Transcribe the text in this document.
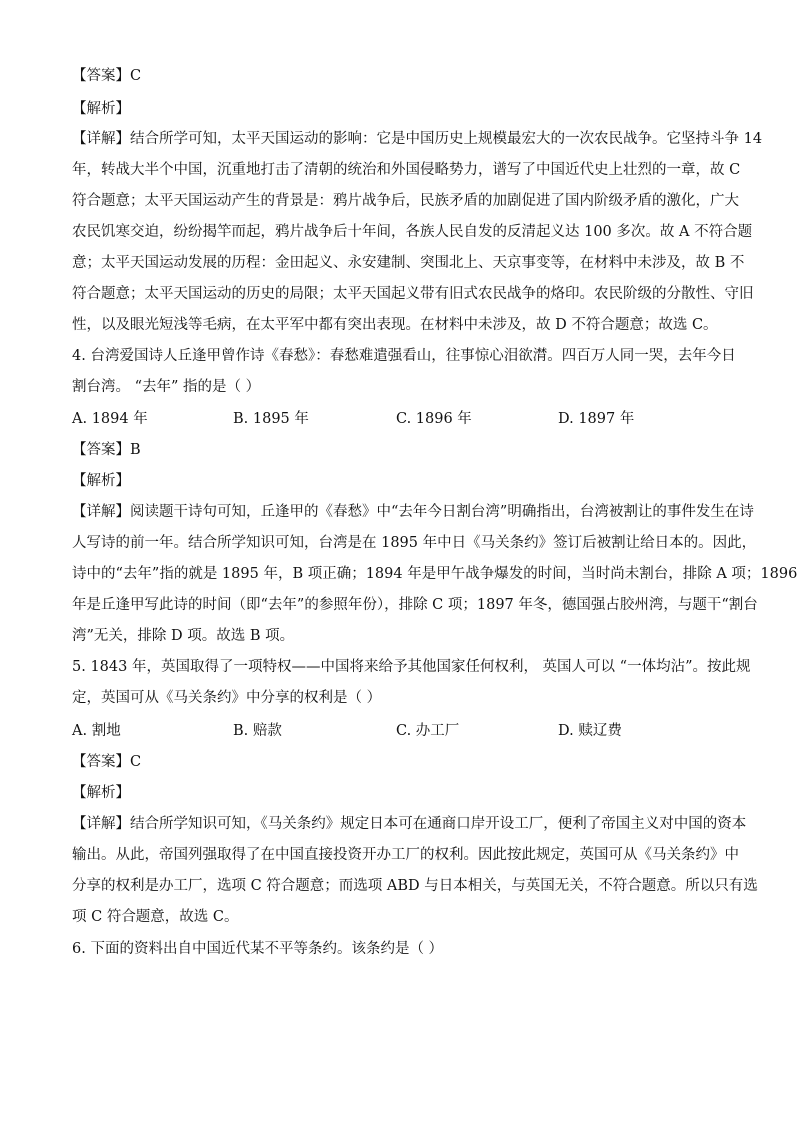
【答案】C
【解析】
【详解】结合所学可知，太平天国运动的影响：它是中国历史上规模最宏大的一次农民战争。它坚持斗争 14
年，转战大半个中国，沉重地打击了清朝的统治和外国侵略势力，谱写了中国近代史上壮烈的一章，故 C
符合题意；太平天国运动产生的背景是：鸦片战争后，民族矛盾的加剧促进了国内阶级矛盾的激化，广大
农民饥寒交迫，纷纷揭竿而起，鸦片战争后十年间，各族人民自发的反清起义达 100 多次。故 A 不符合题
意；太平天国运动发展的历程：金田起义、永安建制、突围北上、天京事变等，在材料中未涉及，故 B 不
符合题意；太平天国运动的历史的局限；太平天国起义带有旧式农民战争的烙印。农民阶级的分散性、守旧
性，以及眼光短浅等毛病，在太平军中都有突出表现。在材料中未涉及，故 D 不符合题意；故选 C。
4. 台湾爱国诗人丘逢甲曾作诗《春愁》：春愁难遣强看山，往事惊心泪欲潸。四百万人同一哭，去年今日
割台湾。 “去年” 指的是（ ）
A. 1894 年	B. 1895 年	C. 1896 年	D. 1897 年
【答案】B
【解析】
【详解】阅读题干诗句可知，丘逢甲的《春愁》中“去年今日割台湾”明确指出，台湾被割让的事件发生在诗
人写诗的前一年。结合所学知识可知，台湾是在 1895 年中日《马关条约》签订后被割让给日本的。因此，
诗中的“去年”指的就是 1895 年，B 项正确；1894 年是甲午战争爆发的时间，当时尚未割台，排除 A 项；1896
年是丘逢甲写此诗的时间（即“去年”的参照年份），排除 C 项；1897 年冬，德国强占胶州湾，与题干“割台
湾”无关，排除 D 项。故选 B 项。
5. 1843 年，英国取得了一项特权——中国将来给予其他国家任何权利， 英国人可以 “一体均沾”。按此规
定，英国可从《马关条约》中分享的权利是（ ）
A. 割地	B. 赔款	C. 办工厂	D. 赎辽费
【答案】C
【解析】
【详解】结合所学知识可知，《马关条约》规定日本可在通商口岸开设工厂，便利了帝国主义对中国的资本
输出。从此，帝国列强取得了在中国直接投资开办工厂的权利。因此按此规定，英国可从《马关条约》中
分享的权利是办工厂，选项 C 符合题意；而选项 ABD 与日本相关，与英国无关，不符合题意。所以只有选
项 C 符合题意，故选 C。
6. 下面的资料出自中国近代某不平等条约。该条约是（ ）
